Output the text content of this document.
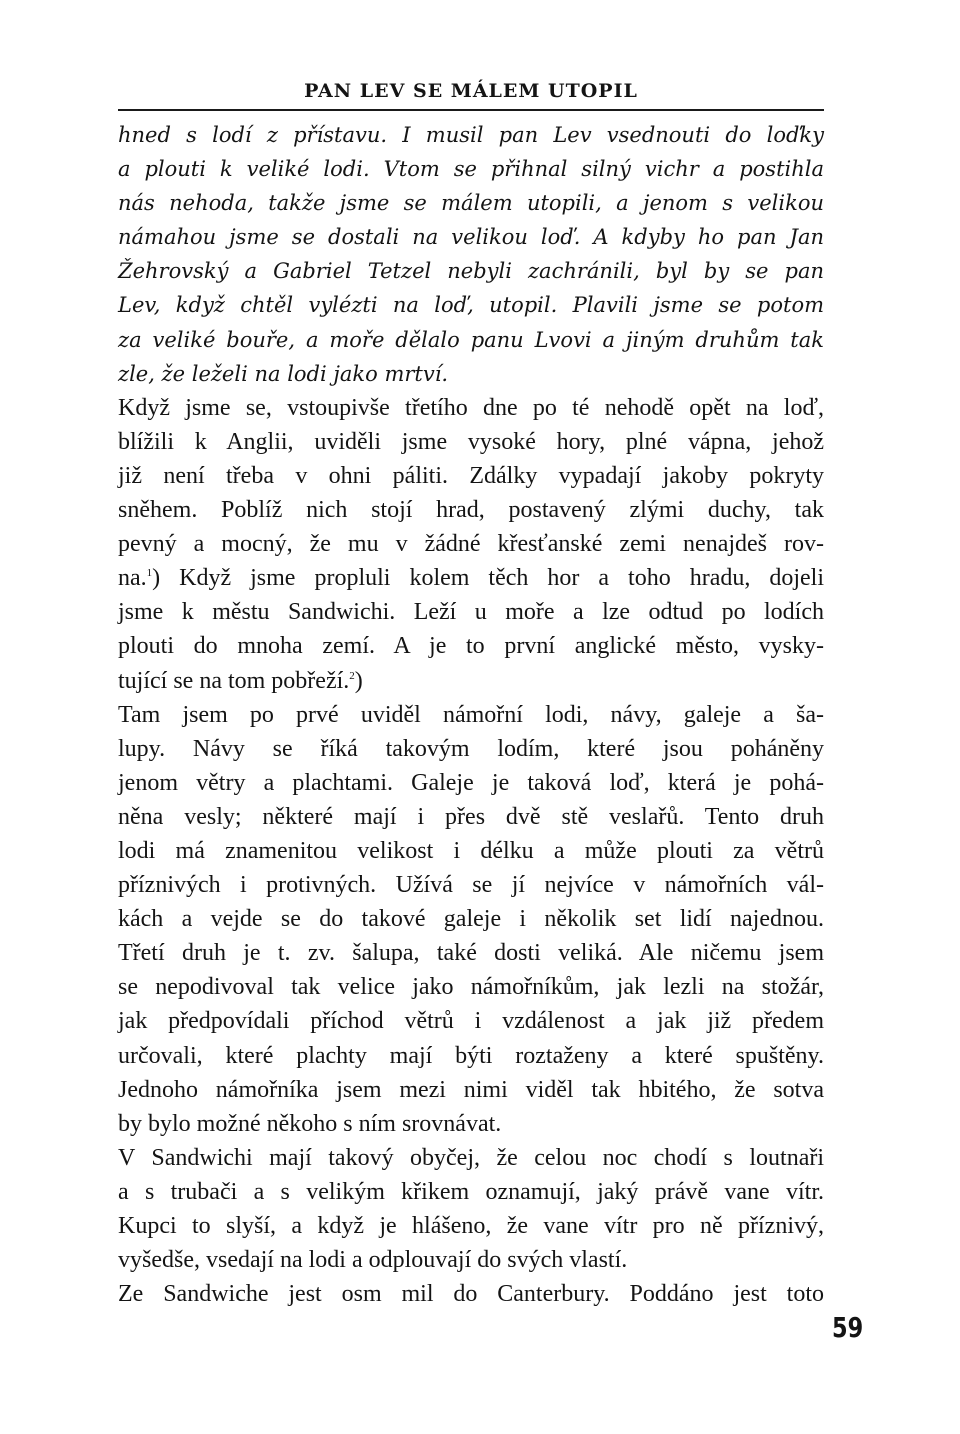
PAN LEV SE MÁLEM UTOPIL
hned s lodí z přístavu. I musil pan Lev vsednouti do loďky
a plouti k veliké lodi. Vtom se přihnal silný vichr a postihla
nás nehoda, takže jsme se málem utopili, a jenom s velikou
námahou jsme se dostali na velikou loď. A kdyby ho pan Jan
Žehrovský a Gabriel Tetzel nebyli zachránili, byl by se pan
Lev, když chtěl vylézti na loď, utopil. Plavili jsme se potom
za veliké bouře, a moře dělalo panu Lvovi a jiným druhům tak
zle, že leželi na lodi jako mrtví.
Když jsme se, vstoupivše třetího dne po té nehodě opět na loď,
blížili k Anglii, uviděli jsme vysoké hory, plné vápna, jehož
již není třeba v ohni páliti. Zdálky vypadají jakoby pokryty
sněhem. Poblíž nich stojí hrad, postavený zlými duchy, tak
pevný a mocný, že mu v žádné křesťanské zemi nenajdeš rov-
na.$^1$) Když jsme propluli kolem těch hor a toho hradu, dojeli
jsme k městu Sandwichi. Leží u moře a lze odtud po lodích
plouti do mnoha zemí. A je to první anglické město, vysky-
tující se na tom pobřeží.$^2$)
Tam jsem po prvé uviděl námořní lodi, návy, galeje a ša-
lupy. Návy se říká takovým lodím, které jsou poháněny
jenom větry a plachtami. Galeje je taková loď, která je pohá-
něna vesly; některé mají i přes dvě stě veslařů. Tento druh
lodi má znamenitou velikost i délku a může plouti za větrů
příznivých i protivných. Užívá se jí nejvíce v námořních vál-
kách a vejde se do takové galeje i několik set lidí najednou.
Třetí druh je t. zv. šalupa, také dosti veliká. Ale ničemu jsem
se nepodivoval tak velice jako námořníkům, jak lezli na stožár,
jak předpovídali příchod větrů i vzdálenost a jak již předem
určovali, které plachty mají býti roztaženy a které spuštěny.
Jednoho námořníka jsem mezi nimi viděl tak hbitého, že sotva
by bylo možné někoho s ním srovnávat.
V Sandwichi mají takový obyčej, že celou noc chodí s loutnaři
a s trubači a s velikým křikem oznamují, jaký právě vane vítr.
Kupci to slyší, a když je hlášeno, že vane vítr pro ně příznivý,
vyšedše, vsedají na lodi a odplouvají do svých vlastí.
Ze Sandwiche jest osm mil do Canterbury. Poddáno jest toto
59
